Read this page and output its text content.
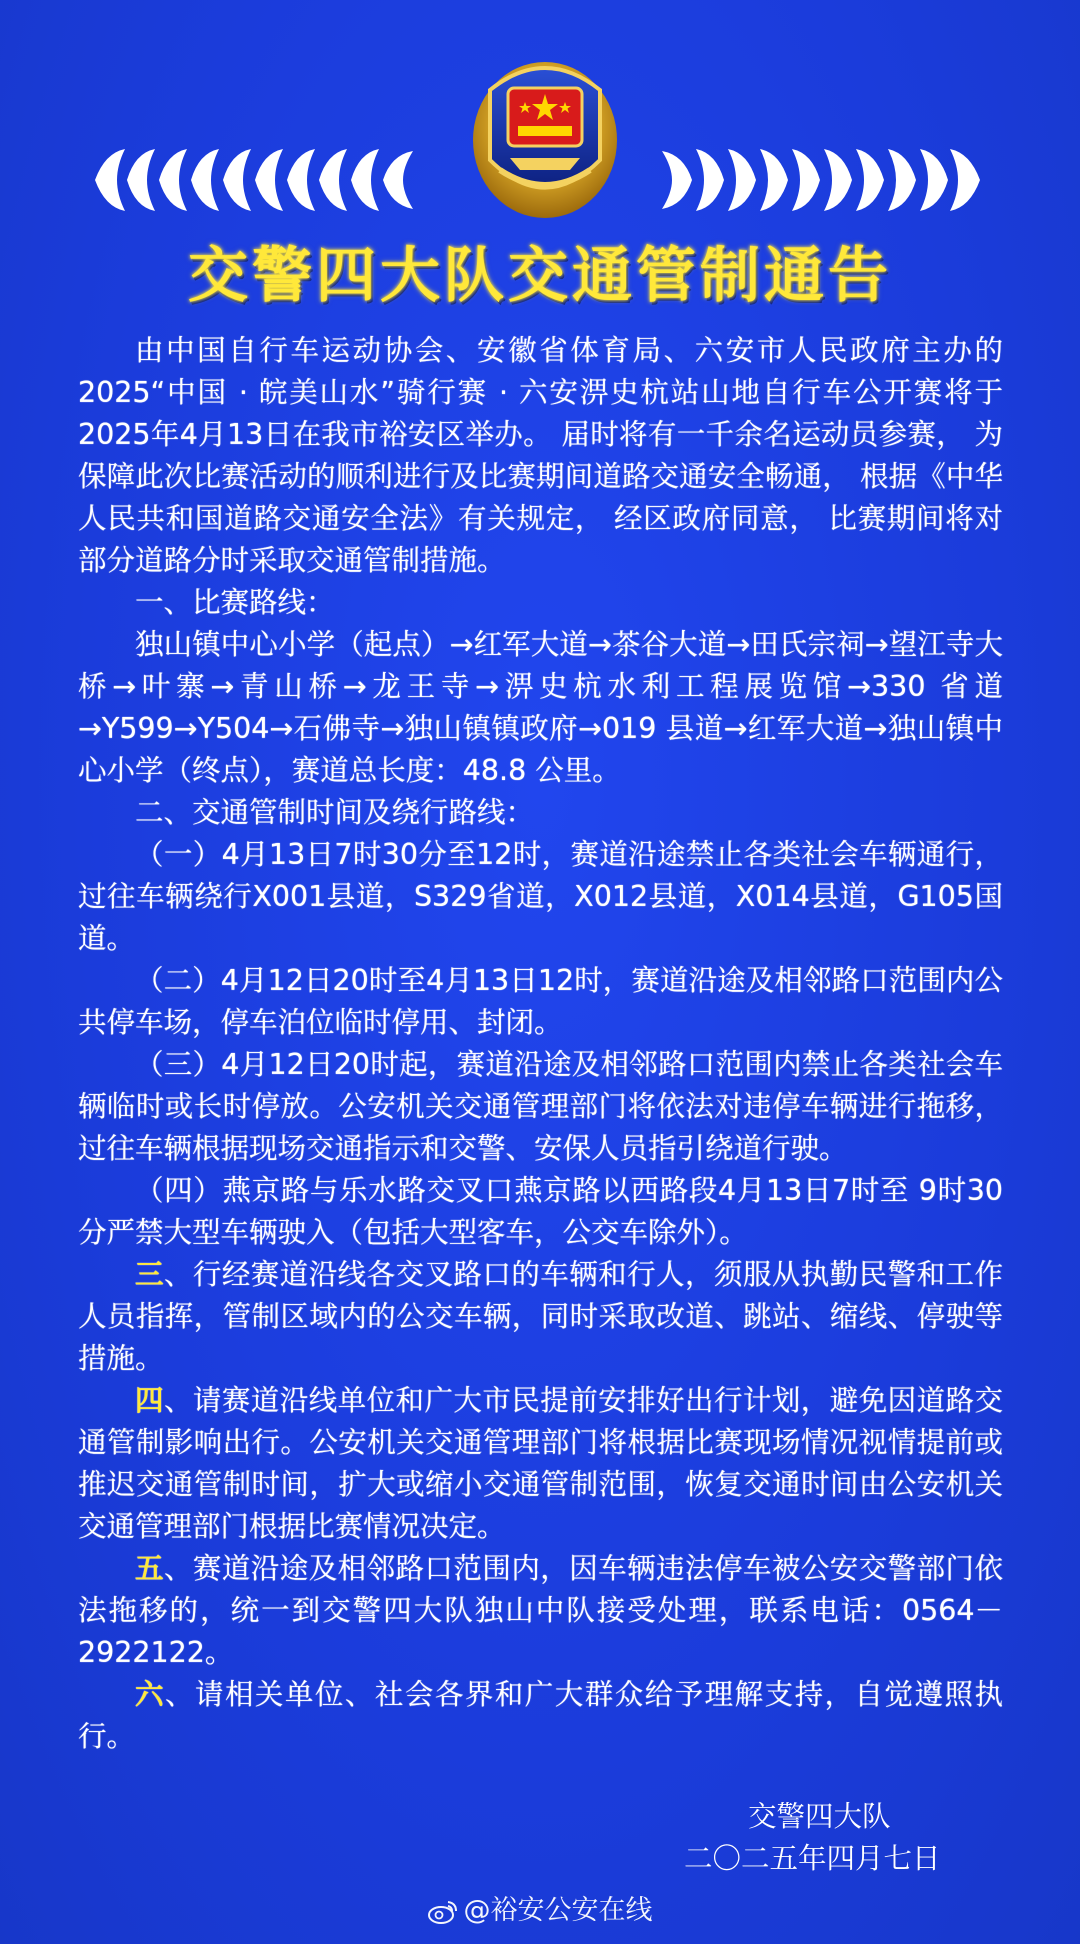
交警四大队交通管制通告

由中国自行车运动协会、安徽省体育局、六安市人民政府主办的2025“中国 · 皖美山水”骑行赛 · 六安淠史杭站山地自行车公开赛将于2025年4月13日在我市裕安区举办。 届时将有一千余名运动员参赛， 为保障此次比赛活动的顺利进行及比赛期间道路交通安全畅通， 根据《中华人民共和国道路交通安全法》有关规定， 经区政府同意， 比赛期间将对部分道路分时采取交通管制措施。

一、比赛路线：

独山镇中心小学（起点）→红军大道→茶谷大道→田氏宗祠→望江寺大桥→叶寨→青山桥→龙王寺→淠史杭水利工程展览馆→330 省道→Y599→Y504→石佛寺→独山镇镇政府→019 县道→红军大道→独山镇中心小学（终点），赛道总长度：48.8 公里。

二、交通管制时间及绕行路线：

（一）4月13日7时30分至12时，赛道沿途禁止各类社会车辆通行，过往车辆绕行X001县道，S329省道，X012县道，X014县道，G105国道。

（二）4月12日20时至4月13日12时，赛道沿途及相邻路口范围内公共停车场，停车泊位临时停用、封闭。

（三）4月12日20时起，赛道沿途及相邻路口范围内禁止各类社会车辆临时或长时停放。公安机关交通管理部门将依法对违停车辆进行拖移，过往车辆根据现场交通指示和交警、安保人员指引绕道行驶。

（四）燕京路与乐水路交叉口燕京路以西路段4月13日7时至 9时30分严禁大型车辆驶入（包括大型客车，公交车除外）。

三、行经赛道沿线各交叉路口的车辆和行人，须服从执勤民警和工作人员指挥，管制区域内的公交车辆，同时采取改道、跳站、缩线、停驶等措施。

四、请赛道沿线单位和广大市民提前安排好出行计划，避免因道路交通管制影响出行。公安机关交通管理部门将根据比赛现场情况视情提前或推迟交通管制时间，扩大或缩小交通管制范围，恢复交通时间由公安机关交通管理部门根据比赛情况决定。

五、赛道沿途及相邻路口范围内，因车辆违法停车被公安交警部门依法拖移的，统一到交警四大队独山中队接受处理，联系电话：0564－2922122。

六、请相关单位、社会各界和广大群众给予理解支持，自觉遵照执行。

交警四大队
二〇二五年四月七日
@裕安公安在线
